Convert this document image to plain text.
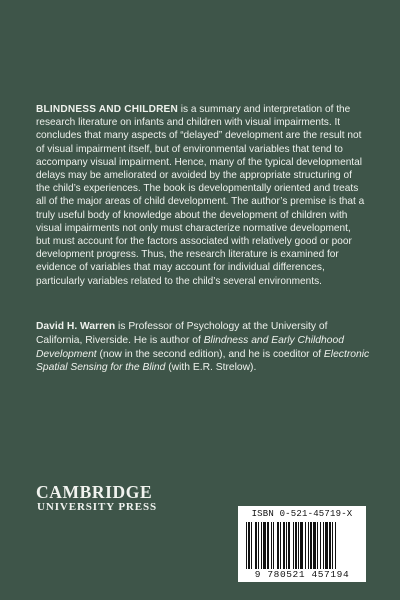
BLINDNESS AND CHILDREN is a summary and interpretation of the research literature on infants and children with visual impairments. It concludes that many aspects of “delayed” development are the result not of visual impairment itself, but of environmental variables that tend to accompany visual impairment. Hence, many of the typical developmental delays may be ameliorated or avoided by the appropriate structuring of the child’s experiences. The book is developmentally oriented and treats all of the major areas of child development. The author’s premise is that a truly useful body of knowledge about the development of children with visual impairments not only must characterize normative development, but must account for the factors associated with relatively good or poor development progress. Thus, the research literature is examined for evidence of variables that may account for individual differences, particularly variables related to the child’s several environments.

David H. Warren is Professor of Psychology at the University of California, Riverside. He is author of Blindness and Early Childhood Development (now in the second edition), and he is coeditor of Electronic Spatial Sensing for the Blind (with E.R. Strelow).

CAMBRIDGE
UNIVERSITY PRESS
ISBN 0-521-45719-X
9 780521 457194
